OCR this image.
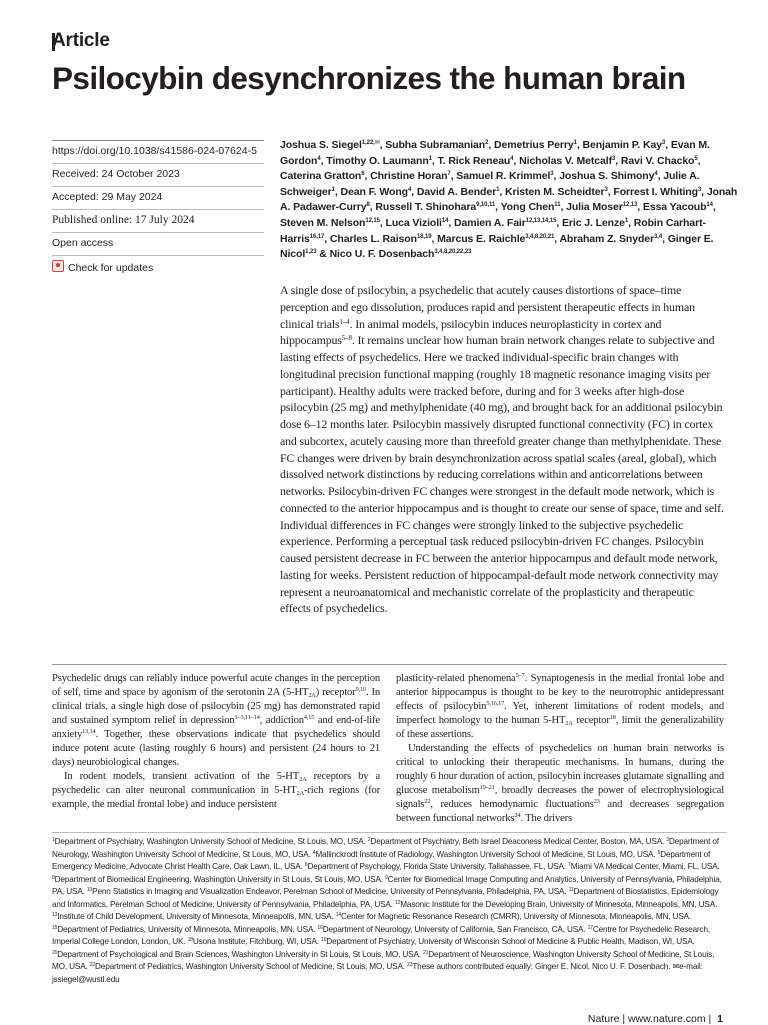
Article
Psilocybin desynchronizes the human brain
https://doi.org/10.1038/s41586-024-07624-5
Received: 24 October 2023
Accepted: 29 May 2024
Published online: 17 July 2024
Open access
Check for updates
Joshua S. Siegel$^{1,22,✉}$, Subha Subramanian$^2$, Demetrius Perry$^1$, Benjamin P. Kay$^3$, Evan M. Gordon$^4$, Timothy O. Laumann$^1$, T. Rick Reneau$^4$, Nicholas V. Metcalf$^3$, Ravi V. Chacko$^5$, Caterina Gratton$^6$, Christine Horan$^7$, Samuel R. Krimmel$^3$, Joshua S. Shimony$^4$, Julie A. Schweiger$^1$, Dean F. Wong$^4$, David A. Bender$^1$, Kristen M. Scheidter$^3$, Forrest I. Whiting$^3$, Jonah A. Padawer-Curry$^8$, Russell T. Shinohara$^{9,10,11}$, Yong Chen$^{11}$, Julia Moser$^{12,13}$, Essa Yacoub$^{14}$, Steven M. Nelson$^{12,15}$, Luca Vizioli$^{14}$, Damien A. Fair$^{12,13,14,15}$, Eric J. Lenze$^1$, Robin Carhart-Harris$^{16,17}$, Charles L. Raison$^{18,19}$, Marcus E. Raichle$^{3,4,8,20,21}$, Abraham Z. Snyder$^{3,4}$, Ginger E. Nicol$^{1,23}$ & Nico U. F. Dosenbach$^{3,4,8,20,22,23}$
A single dose of psilocybin, a psychedelic that acutely causes distortions of space–time perception and ego dissolution, produces rapid and persistent therapeutic effects in human clinical trials$^{1-4}$. In animal models, psilocybin induces neuroplasticity in cortex and hippocampus$^{5-8}$. It remains unclear how human brain network changes relate to subjective and lasting effects of psychedelics. Here we tracked individual-specific brain changes with longitudinal precision functional mapping (roughly 18 magnetic resonance imaging visits per participant). Healthy adults were tracked before, during and for 3 weeks after high-dose psilocybin (25 mg) and methylphenidate (40 mg), and brought back for an additional psilocybin dose 6–12 months later. Psilocybin massively disrupted functional connectivity (FC) in cortex and subcortex, acutely causing more than threefold greater change than methylphenidate. These FC changes were driven by brain desynchronization across spatial scales (areal, global), which dissolved network distinctions by reducing correlations within and anticorrelations between networks. Psilocybin-driven FC changes were strongest in the default mode network, which is connected to the anterior hippocampus and is thought to create our sense of space, time and self. Individual differences in FC changes were strongly linked to the subjective psychedelic experience. Performing a perceptual task reduced psilocybin-driven FC changes. Psilocybin caused persistent decrease in FC between the anterior hippocampus and default mode network, lasting for weeks. Persistent reduction of hippocampal-default mode network connectivity may represent a neuroanatomical and mechanistic correlate of the proplasticity and therapeutic effects of psychedelics.

Psychedelic drugs can reliably induce powerful acute changes in the perception of self, time and space by agonism of the serotonin 2A $(5-HT_{2A})$ receptor$^{9,10}$. In clinical trials, a single high dose of psilocybin (25 mg) has demonstrated rapid and sustained symptom relief in depression$^{1-3,11-14}$, addiction$^{4,15}$ and end-of-life anxiety$^{13,14}$. Together, these observations indicate that psychedelics should induce potent acute (lasting roughly 6 hours) and persistent (24 hours to 21 days) neurobiological changes.

In rodent models, transient activation of the $5-HT_{2A}$ receptors by a psychedelic can alter neuronal communication in $5-HT_{2A}$-rich regions (for example, the medial frontal lobe) and induce persistent

plasticity-related phenomena$^{5-7}$. Synaptogenesis in the medial frontal lobe and anterior hippocampus is thought to be key to the neurotrophic antidepressant effects of psilocybin$^{5,16,17}$. Yet, inherent limitations of rodent models, and imperfect homology to the human $5-HT_{2A}$ receptor$^{18}$, limit the generalizability of these assertions.

Understanding the effects of psychedelics on human brain networks is critical to unlocking their therapeutic mechanisms. In humans, during the roughly 6 hour duration of action, psilocybin increases glutamate signalling and glucose metabolism$^{19-21}$, broadly decreases the power of electrophysiological signals$^{22}$, reduces hemodynamic fluctuations$^{23}$ and decreases segregation between functional networks$^{24}$. The drivers

$^1$Department of Psychiatry, Washington University School of Medicine, St Louis, MO, USA. $^2$Department of Psychiatry, Beth Israel Deaconess Medical Center, Boston, MA, USA. $^3$Department of Neurology, Washington University School of Medicine, St Louis, MO, USA. $^4$Mallinckrodt Institute of Radiology, Washington University School of Medicine, St Louis, MO, USA. $^5$Department of Emergency Medicine, Advocate Christ Health Care, Oak Lawn, IL, USA. $^6$Department of Psychology, Florida State University, Tallahassee, FL, USA. $^7$Miami VA Medical Center, Miami, FL, USA. $^8$Department of Biomedical Engineering, Washington University in St Louis, St Louis, MO, USA. $^9$Center for Biomedical Image Computing and Analytics, University of Pennsylvania, Philadelphia, PA, USA. $^{10}$Penn Statistics in Imaging and Visualization Endeavor, Perelman School of Medicine, University of Pennsylvania, Philadelphia, PA, USA. $^{11}$Department of Biostatistics, Epidemiology and Informatics, Perelman School of Medicine, University of Pennsylvania, Philadelphia, PA, USA. $^{12}$Masonic Institute for the Developing Brain, University of Minnesota, Minneapolis, MN, USA. $^{13}$Institute of Child Development, University of Minnesota, Minneapolis, MN, USA. $^{14}$Center for Magnetic Resonance Research (CMRR), University of Minnesota, Minneapolis, MN, USA. $^{15}$Department of Pediatrics, University of Minnesota, Minneapolis, MN, USA. $^{16}$Department of Neurology, University of California, San Francisco, CA, USA. $^{17}$Centre for Psychedelic Research, Imperial College London, London, UK. $^{18}$Usona Institute, Fitchburg, WI, USA. $^{19}$Department of Psychiatry, University of Wisconsin School of Medicine & Public Health, Madison, WI, USA. $^{20}$Department of Psychological and Brain Sciences, Washington University in St Louis, St Louis, MO, USA. $^{21}$Department of Neuroscience, Washington University School of Medicine, St Louis, MO, USA. $^{22}$Department of Pediatrics, Washington University School of Medicine, St Louis, MO, USA. $^{23}$These authors contributed equally: Ginger E. Nicol, Nico U. F. Dosenbach. ✉e-mail: jssiegel@wustl.edu
Nature | www.nature.com | 1
